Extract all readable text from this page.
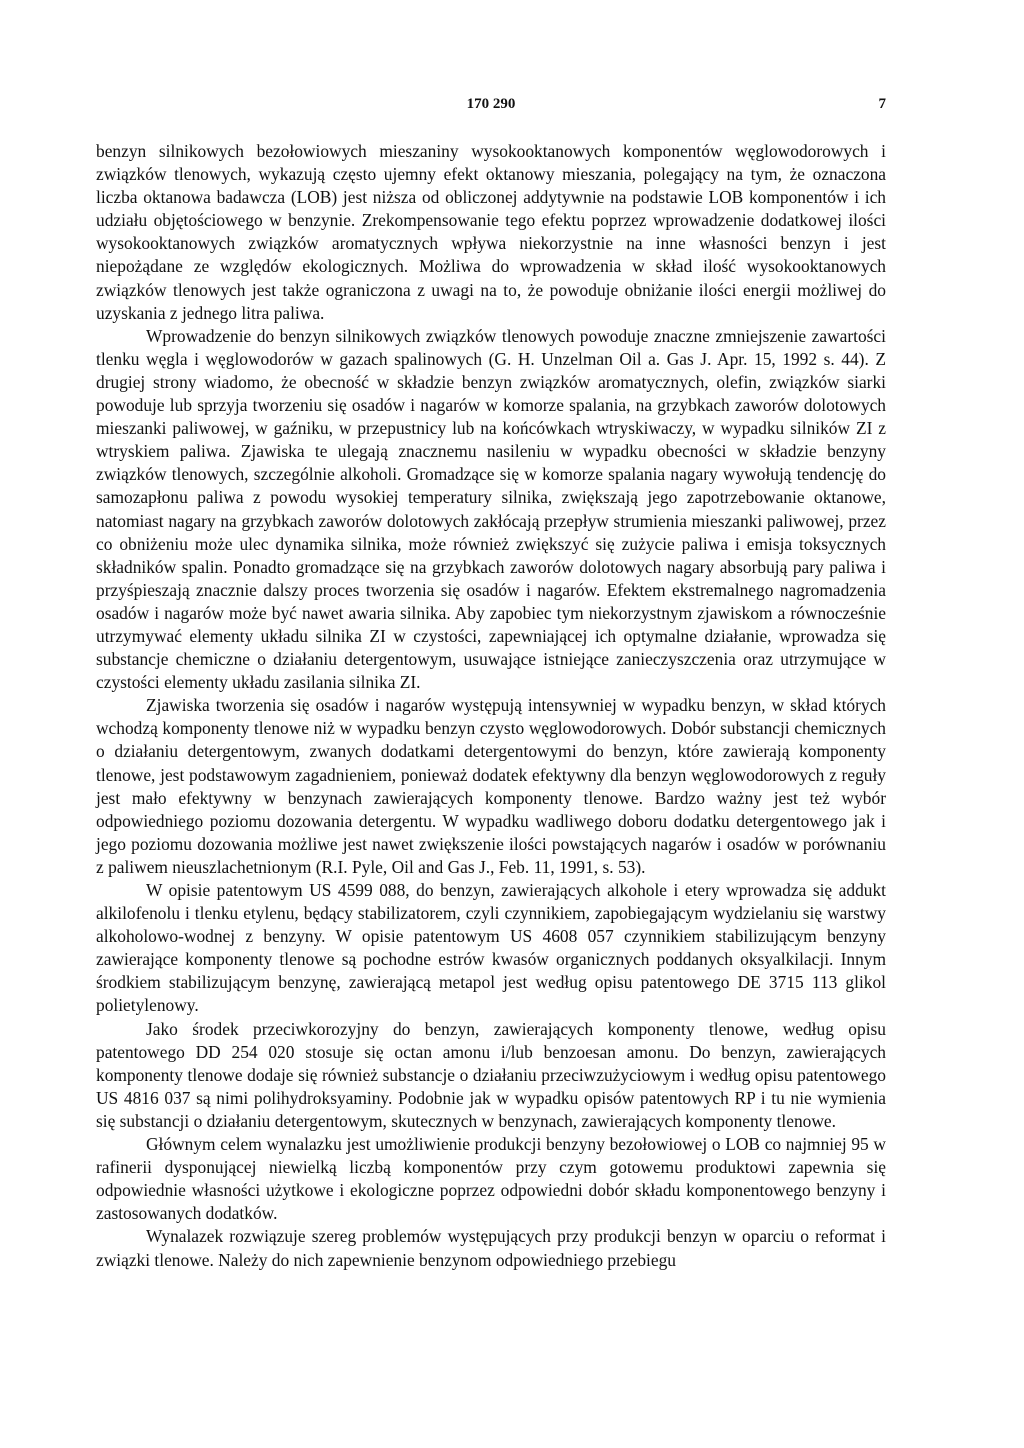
170 290	7

benzyn silnikowych bezołowiowych mieszaniny wysokooktanowych komponentów węglowodorowych i związków tlenowych, wykazują często ujemny efekt oktanowy mieszania, polegający na tym, że oznaczona liczba oktanowa badawcza (LOB) jest niższa od obliczonej addytywnie na podstawie LOB komponentów i ich udziału objętościowego w benzynie. Zrekompensowanie tego efektu poprzez wprowadzenie dodatkowej ilości wysokooktanowych związków aromatycznych wpływa niekorzystnie na inne własności benzyn i jest niepożądane ze względów ekologicznych. Możliwa do wprowadzenia w skład ilość wysokooktanowych związków tlenowych jest także ograniczona z uwagi na to, że powoduje obniżanie ilości energii możliwej do uzyskania z jednego litra paliwa.

Wprowadzenie do benzyn silnikowych związków tlenowych powoduje znaczne zmniejszenie zawartości tlenku węgla i węglowodorów w gazach spalinowych (G. H. Unzelman Oil a. Gas J. Apr. 15, 1992 s. 44). Z drugiej strony wiadomo, że obecność w składzie benzyn związków aromatycznych, olefin, związków siarki powoduje lub sprzyja tworzeniu się osadów i nagarów w komorze spalania, na grzybkach zaworów dolotowych mieszanki paliwowej, w gaźniku, w przepustnicy lub na końcówkach wtryskiwaczy, w wypadku silników ZI z wtryskiem paliwa. Zjawiska te ulegają znacznemu nasileniu w wypadku obecności w składzie benzyny związków tlenowych, szczególnie alkoholi. Gromadzące się w komorze spalania nagary wywołują tendencję do samozapłonu paliwa z powodu wysokiej temperatury silnika, zwiększają jego zapotrzebowanie oktanowe, natomiast nagary na grzybkach zaworów dolotowych zakłócają przepływ strumienia mieszanki paliwowej, przez co obniżeniu może ulec dynamika silnika, może również zwiększyć się zużycie paliwa i emisja toksycznych składników spalin. Ponadto gromadzące się na grzybkach zaworów dolotowych nagary absorbują pary paliwa i przyśpieszają znacznie dalszy proces tworzenia się osadów i nagarów. Efektem ekstremalnego nagromadzenia osadów i nagarów może być nawet awaria silnika. Aby zapobiec tym niekorzystnym zjawiskom a równocześnie utrzymywać elementy układu silnika ZI w czystości, zapewniającej ich optymalne działanie, wprowadza się substancje chemiczne o działaniu detergentowym, usuwające istniejące zanieczyszczenia oraz utrzymujące w czystości elementy układu zasilania silnika ZI.

Zjawiska tworzenia się osadów i nagarów występują intensywniej w wypadku benzyn, w skład których wchodzą komponenty tlenowe niż w wypadku benzyn czysto węglowodorowych. Dobór substancji chemicznych o działaniu detergentowym, zwanych dodatkami detergentowymi do benzyn, które zawierają komponenty tlenowe, jest podstawowym zagadnieniem, ponieważ dodatek efektywny dla benzyn węglowodorowych z reguły jest mało efektywny w benzynach zawierających komponenty tlenowe. Bardzo ważny jest też wybór odpowiedniego poziomu dozowania detergentu. W wypadku wadliwego doboru dodatku detergentowego jak i jego poziomu dozowania możliwe jest nawet zwiększenie ilości powstających nagarów i osadów w porównaniu z paliwem nieuszlachetnionym (R.I. Pyle, Oil and Gas J., Feb. 11, 1991, s. 53).

W opisie patentowym US 4599 088, do benzyn, zawierających alkohole i etery wprowadza się addukt alkilofenolu i tlenku etylenu, będący stabilizatorem, czyli czynnikiem, zapobiegającym wydzielaniu się warstwy alkoholowo-wodnej z benzyny. W opisie patentowym US 4608 057 czynnikiem stabilizującym benzyny zawierające komponenty tlenowe są pochodne estrów kwasów organicznych poddanych oksyalkilacji. Innym środkiem stabilizującym benzynę, zawierającą metapol jest według opisu patentowego DE 3715 113 glikol polietylenowy.

Jako środek przeciwkorozyjny do benzyn, zawierających komponenty tlenowe, według opisu patentowego DD 254 020 stosuje się octan amonu i/lub benzoesan amonu. Do benzyn, zawierających komponenty tlenowe dodaje się również substancje o działaniu przeciwzużyciowym i według opisu patentowego US 4816 037 są nimi polihydroksyaminy. Podobnie jak w wypadku opisów patentowych RP i tu nie wymienia się substancji o działaniu detergentowym, skutecznych w benzynach, zawierających komponenty tlenowe.

Głównym celem wynalazku jest umożliwienie produkcji benzyny bezołowiowej o LOB co najmniej 95 w rafinerii dysponującej niewielką liczbą komponentów przy czym gotowemu produktowi zapewnia się odpowiednie własności użytkowe i ekologiczne poprzez odpowiedni dobór składu komponentowego benzyny i zastosowanych dodatków.

Wynalazek rozwiązuje szereg problemów występujących przy produkcji benzyn w oparciu o reformat i związki tlenowe. Należy do nich zapewnienie benzynom odpowiedniego przebiegu
